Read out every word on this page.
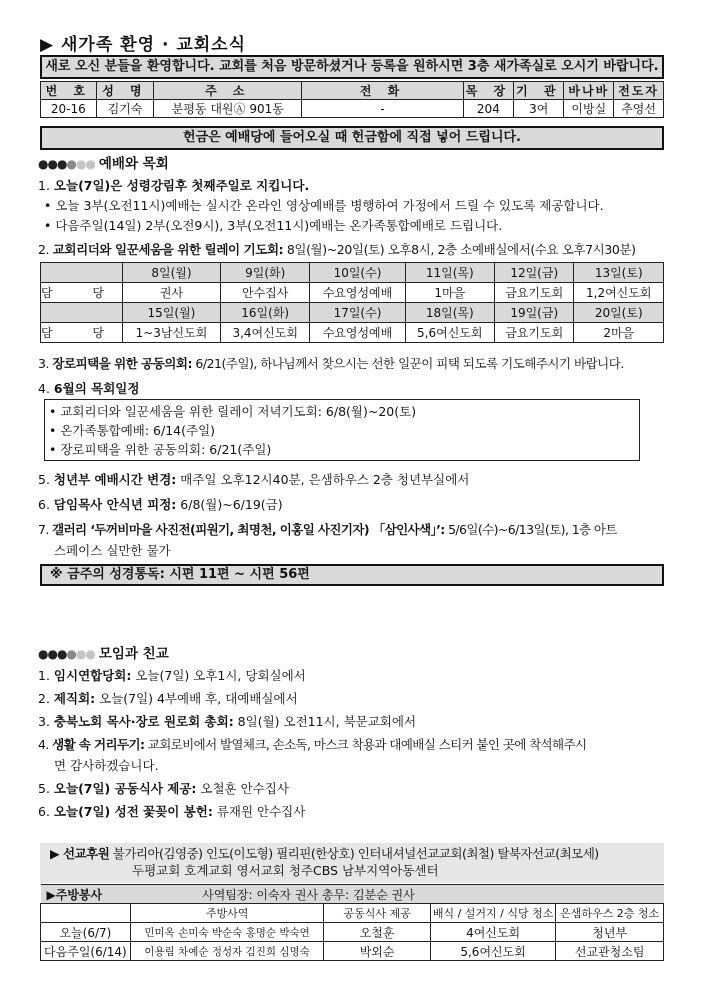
▶ 새가족 환영 · 교회소식
새로 오신 분들을 환영합니다. 교회를 처음 방문하셨거나 등록을 원하시면 3층 새가족실로 오시기 바랍니다.
번 호	성 명	주 소	전 화	목 장	기 관	바나바	전도자
20-16	김기숙	분평동 대원Ⓐ 901동	-	204	3여	이방실	추영선
헌금은 예배당에 들어오실 때 헌금함에 직접 넣어 드립니다.
●●●●●● 예배와 목회
1. 오늘(7일)은 성령강림후 첫째주일로 지킵니다.
• 오늘 3부(오전11시)예배는 실시간 온라인 영상예배를 병행하여 가정에서 드릴 수 있도록 제공합니다.
• 다음주일(14일) 2부(오전9시), 3부(오전11시)예배는 온가족통합예배로 드립니다.
2. 교회리더와 일꾼세움을 위한 릴레이 기도회: 8일(월)~20일(토) 오후8시, 2층 소예배실에서(수요 오후7시30분)
	8일(월)	9일(화)	10일(수)	11일(목)	12일(금)	13일(토)
담 당	권사	안수집사	수요영성예배	1마을	금요기도회	1,2여신도회
	15일(월)	16일(화)	17일(수)	18일(목)	19일(금)	20일(토)
담 당	1~3남신도회	3,4여신도회	수요영성예배	5,6여신도회	금요기도회	2마을
3. 장로피택을 위한 공동의회: 6/21(주일), 하나님께서 찾으시는 선한 일꾼이 피택 되도록 기도해주시기 바랍니다.
4. 6월의 목회일정
• 교회리더와 일꾼세움을 위한 릴레이 저녁기도회: 6/8(월)~20(토)
• 온가족통합예배: 6/14(주일)
• 장로피택을 위한 공동의회: 6/21(주일)
5. 청년부 예배시간 변경: 매주일 오후12시40분, 은샘하우스 2층 청년부실에서
6. 담임목사 안식년 피정: 6/8(월)~6/19(금)
7. 갤러리 ‘두꺼비마을 사진전(피원기, 최명천, 이홍일 사진기자) 「삼인사색」’: 5/6일(수)~6/13일(토), 1층 아트
스페이스 실만한 물가
※ 금주의 성경통독: 시편 11편 ~ 시편 56편
●●●●●● 모임과 친교
1. 임시연합당회: 오늘(7일) 오후1시, 당회실에서
2. 제직회: 오늘(7일) 4부예배 후, 대예배실에서
3. 충북노회 목사·장로 원로회 총회: 8일(월) 오전11시, 북문교회에서
4. 생활 속 거리두기: 교회로비에서 발열체크, 손소독, 마스크 착용과 대예배실 스티커 붙인 곳에 착석해주시
면 감사하겠습니다.
5. 오늘(7일) 공동식사 제공: 오철훈 안수집사
6. 오늘(7일) 성전 꽃꽂이 봉헌: 류재원 안수집사
▶ 선교후원 불가리아(김영중) 인도(이도형) 필리핀(한상호) 인터내셔널선교교회(최철) 탈북자선교(최모세)
두평교회 호계교회 영서교회 청주CBS 남부지역아동센터
▶주방봉사 사역팀장: 이숙자 권사 총무: 김분순 권사				
	주방사역	공동식사 제공	배식 / 설거지 / 식당 청소	은샘하우스 2층 청소
오늘(6/7)	민미옥 손미숙 박순숙 홍명순 박숙연	오철훈	4여신도회	청년부
다음주일(6/14)	이용림 차예순 정성자 김진희 심명숙	박외순	5,6여신도회	선교관청소팀
